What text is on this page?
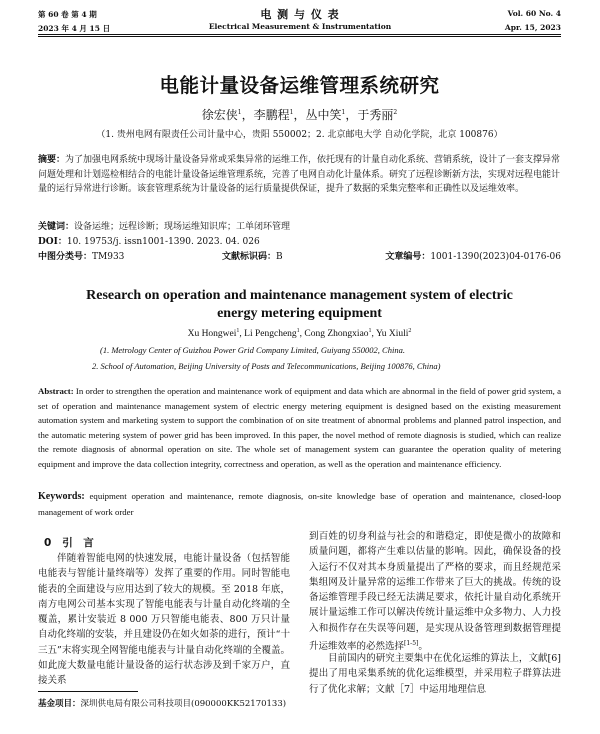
第 60 卷 第 4 期
2023 年 4 月 15 日
电 测 与 仪 表
Electrical Measurement & Instrumentation
Vol. 60 No. 4
Apr. 15, 2023
电能计量设备运维管理系统研究
徐宏侠$^1$，李鹏程$^1$，丛中笑$^1$，于秀丽$^2$
（1. 贵州电网有限责任公司计量中心，贵阳 550002；2. 北京邮电大学 自动化学院，北京 100876）
摘要：为了加强电网系统中现场计量设备异常或采集异常的运维工作，依托现有的计量自动化系统、营销系统，设计了一套支撑异常问题处理和计划巡检相结合的电能计量设备运维管理系统，完善了电网自动化计量体系。研究了远程诊断新方法，实现对远程电能计量的运行异常进行诊断。该套管理系统为计量设备的运行质量提供保证，提升了数据的采集完整率和正确性以及运维效率。
关键词：设备运维；远程诊断；现场运维知识库；工单闭环管理
DOI：10. 19753/j. issn1001-1390. 2023. 04. 026
中图分类号：TM933	文献标识码：B	文章编号：1001-1390(2023)04-0176-06
Research on operation and maintenance management system of electric
energy metering equipment
Xu Hongwei$^1$, Li Pengcheng$^1$, Cong Zhongxiao$^1$, Yu Xiuli$^2$
(1. Metrology Center of Guizhou Power Grid Company Limited, Guiyang 550002, China.
2. School of Automation, Beijing University of Posts and Telecommunications, Beijing 100876, China)
Abstract: In order to strengthen the operation and maintenance work of equipment and data which are abnormal in the field of power grid system, a set of operation and maintenance management system of electric energy metering equipment is designed based on the existing measurement automation system and marketing system to support the combination of on site treatment of abnormal problems and planned patrol inspection, and the automatic metering system of power grid has been improved. In this paper, the novel method of remote diagnosis is studied, which can realize the remote diagnosis of abnormal operation on site. The whole set of management system can guarantee the operation quality of metering equipment and improve the data collection integrity, correctness and operation, as well as the operation and maintenance efficiency.
Keywords: equipment operation and maintenance, remote diagnosis, on-site knowledge base of operation and maintenance, closed-loop management of work order
0 引　言
伴随着智能电网的快速发展，电能计量设备（包括智能电能表与智能计量终端等）发挥了重要的作用。同时智能电能表的全面建设与应用达到了较大的规模。至 2018 年底，南方电网公司基本实现了智能电能表与计量自动化终端的全覆盖，累计安装近 8 000 万只智能电能表、800 万只计量自动化终端的安装，并且建设仍在如火如荼的进行，预计“十三五”末将实现全网智能电能表与计量自动化终端的全覆盖。如此庞大数量电能计量设备的运行状态涉及到千家万户，直接关系
基金项目：深圳供电局有限公司科技项目(090000KK52170133)
到百姓的切身利益与社会的和谐稳定，即使是微小的故障和质量问题，都将产生难以估量的影响。因此，确保设备的投入运行不仅对其本身质量提出了严格的要求，而且经规范采集组网及计量异常的运维工作带来了巨大的挑战。传统的设备运维管理手段已经无法满足要求，依托计量自动化系统开展计量运维工作可以解决传统计量运维中众多物力、人力投入和损作存在失误等问题，是实现从设备管理到数据管理提升运维效率的必然选择[1-5]。
目前国内的研究主要集中在优化运维的算法上，文献[6]提出了用电采集系统的优化运维模型，并采用粒子群算法进行了优化求解；文献［7］中运用地理信息
